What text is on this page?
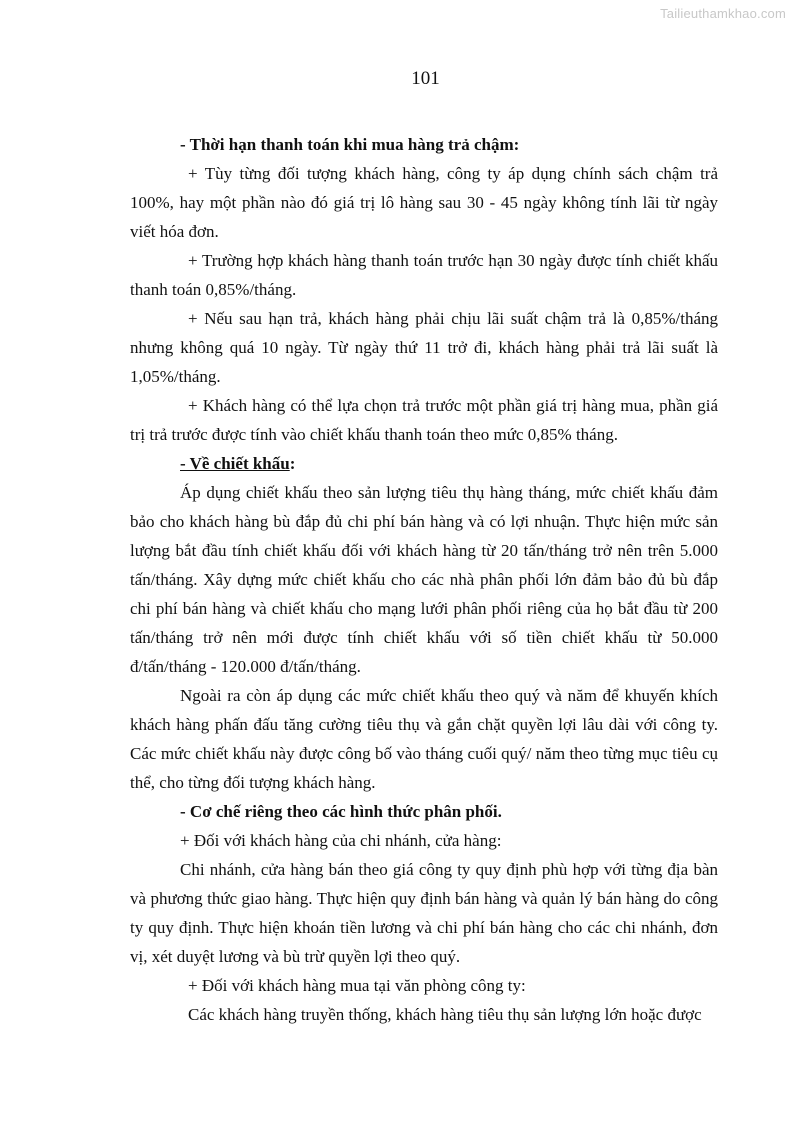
Tailieuthamkhao.com
101

- Thời hạn thanh toán khi mua hàng trả chậm:

+ Tùy từng đối tượng khách hàng, công ty áp dụng chính sách chậm trả 100%, hay một phần nào đó giá trị lô hàng sau 30 - 45 ngày không tính lãi từ ngày viết hóa đơn.

+ Trường hợp khách hàng thanh toán trước hạn 30 ngày được tính chiết khấu thanh toán 0,85%/tháng.

+ Nếu sau hạn trả, khách hàng phải chịu lãi suất chậm trả là 0,85%/tháng nhưng không quá 10 ngày. Từ ngày thứ 11 trở đi, khách hàng phải trả lãi suất là 1,05%/tháng.

+ Khách hàng có thể lựa chọn trả trước một phần giá trị hàng mua, phần giá trị trả trước được tính vào chiết khấu thanh toán theo mức 0,85% tháng.

- Về chiết khấu:

Áp dụng chiết khấu theo sản lượng tiêu thụ hàng tháng, mức chiết khấu đảm bảo cho khách hàng bù đắp đủ chi phí bán hàng và có lợi nhuận. Thực hiện mức sản lượng bắt đầu tính chiết khấu đối với khách hàng từ 20 tấn/tháng trở nên trên 5.000 tấn/tháng. Xây dựng mức chiết khấu cho các nhà phân phối lớn đảm bảo đủ bù đắp chi phí bán hàng và chiết khấu cho mạng lưới phân phối riêng của họ bắt đầu từ 200 tấn/tháng trở nên mới được tính chiết khấu với số tiền chiết khấu từ 50.000 đ/tấn/tháng - 120.000 đ/tấn/tháng.

Ngoài ra còn áp dụng các mức chiết khấu theo quý và năm để khuyến khích khách hàng phấn đấu tăng cường tiêu thụ và gắn chặt quyền lợi lâu dài với công ty. Các mức chiết khấu này được công bố vào tháng cuối quý/ năm theo từng mục tiêu cụ thể, cho từng đối tượng khách hàng.

- Cơ chế riêng theo các hình thức phân phối.

+ Đối với khách hàng của chi nhánh, cửa hàng:

Chi nhánh, cửa hàng bán theo giá công ty quy định phù hợp với từng địa bàn và phương thức giao hàng. Thực hiện quy định bán hàng và quản lý bán hàng do công ty quy định. Thực hiện khoán tiền lương và chi phí bán hàng cho các chi nhánh, đơn vị, xét duyệt lương và bù trừ quyền lợi theo quý.

+ Đối với khách hàng mua tại văn phòng công ty:

Các khách hàng truyền thống, khách hàng tiêu thụ sản lượng lớn hoặc được
